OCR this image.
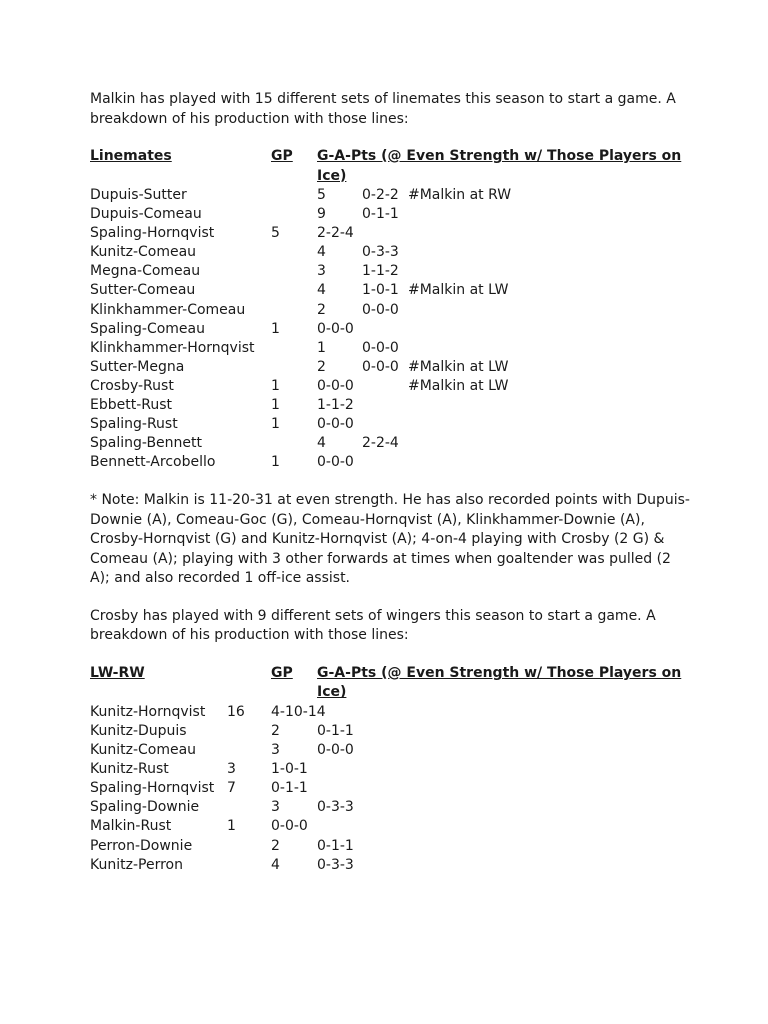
Malkin has played with 15 different sets of linemates this season to start a game. A breakdown of his production with those lines:

Linemates	GP G-A-Pts (@ Even Strength w/ Those Players on Ice)
Dupuis-Sutter	5	0-2-2 #Malkin at RW
Dupuis-Comeau	9	0-1-1
Spaling-Hornqvist	5	2-2-4
Kunitz-Comeau	4	0-3-3
Megna-Comeau	3	1-1-2
Sutter-Comeau	4	1-0-1 #Malkin at LW
Klinkhammer-Comeau	2	0-0-0
Spaling-Comeau	1	0-0-0
Klinkhammer-Hornqvist	1	0-0-0
Sutter-Megna	2	0-0-0 #Malkin at LW
Crosby-Rust	1	0-0-0	#Malkin at LW
Ebbett-Rust	1	1-1-2
Spaling-Rust	1	0-0-0
Spaling-Bennett	4	2-2-4
Bennett-Arcobello	1	0-0-0

* Note: Malkin is 11-20-31 at even strength. He has also recorded points with Dupuis-Downie (A), Comeau-Goc (G), Comeau-Hornqvist (A), Klinkhammer-Downie (A), Crosby-Hornqvist (G) and Kunitz-Hornqvist (A); 4-on-4 playing with Crosby (2 G) & Comeau (A); playing with 3 other forwards at times when goaltender was pulled (2 A); and also recorded 1 off-ice assist.

Crosby has played with 9 different sets of wingers this season to start a game. A breakdown of his production with those lines:

LW-RW	GP G-A-Pts (@ Even Strength w/ Those Players on Ice)
Kunitz-Hornqvist 16 4-10-14
Kunitz-Dupuis	2	0-1-1
Kunitz-Comeau	3	0-0-0
Kunitz-Rust	3	1-0-1
Spaling-Hornqvist 7	0-1-1
Spaling-Downie	3	0-3-3
Malkin-Rust	1	0-0-0
Perron-Downie	2	0-1-1
Kunitz-Perron	4	0-3-3
